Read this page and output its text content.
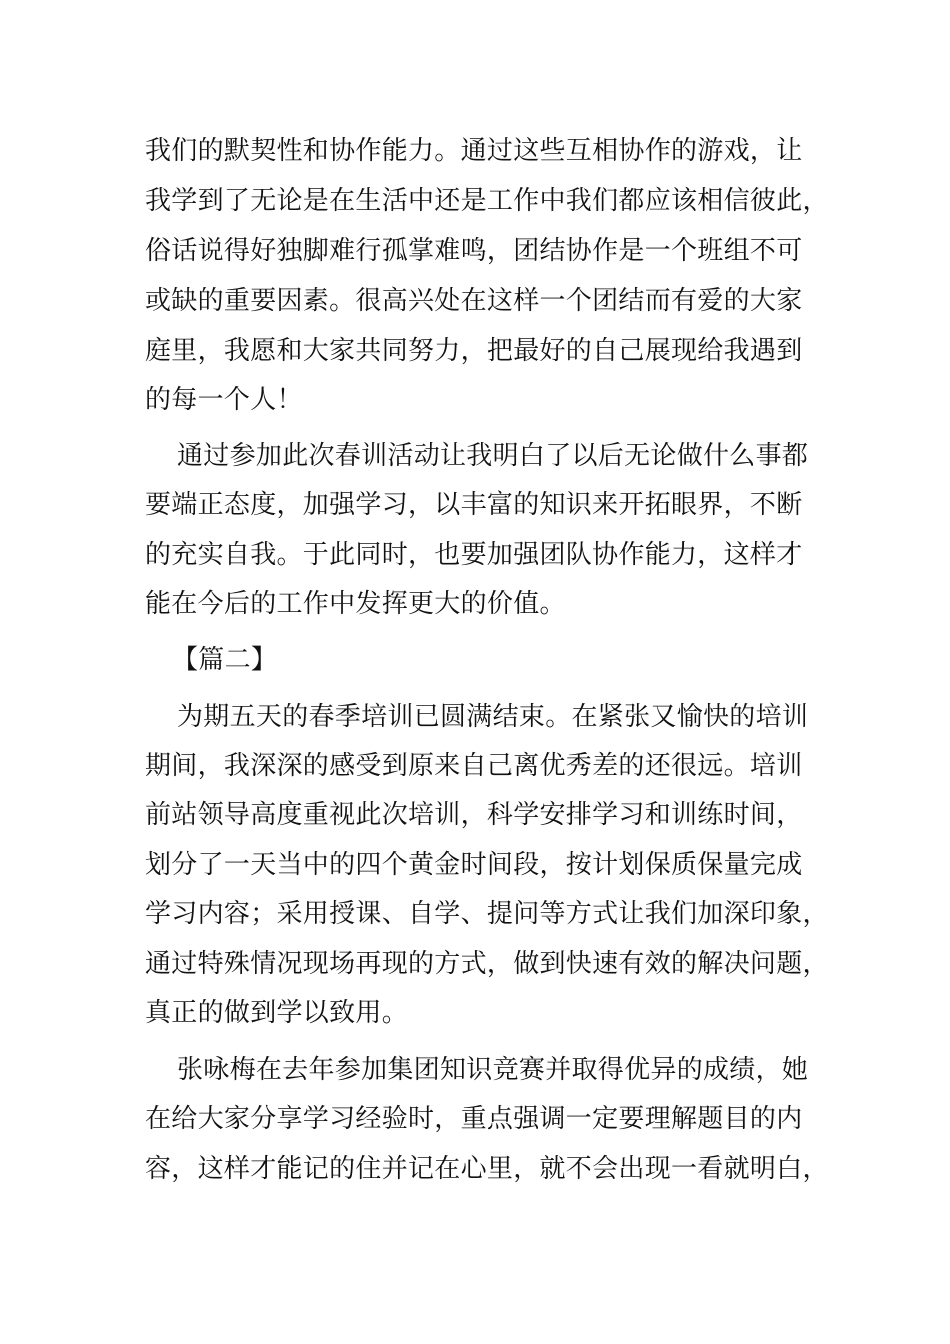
我们的默契性和协作能力。通过这些互相协作的游戏，让
我学到了无论是在生活中还是工作中我们都应该相信彼此，
俗话说得好独脚难行孤掌难鸣，团结协作是一个班组不可
或缺的重要因素。很高兴处在这样一个团结而有爱的大家
庭里，我愿和大家共同努力，把最好的自己展现给我遇到
的每一个人！
通过参加此次春训活动让我明白了以后无论做什么事都
要端正态度，加强学习，以丰富的知识来开拓眼界，不断
的充实自我。于此同时，也要加强团队协作能力，这样才
能在今后的工作中发挥更大的价值。
【篇二】
为期五天的春季培训已圆满结束。在紧张又愉快的培训
期间，我深深的感受到原来自己离优秀差的还很远。培训
前站领导高度重视此次培训，科学安排学习和训练时间，
划分了一天当中的四个黄金时间段，按计划保质保量完成
学习内容；采用授课、自学、提问等方式让我们加深印象，
通过特殊情况现场再现的方式，做到快速有效的解决问题，
真正的做到学以致用。
张咏梅在去年参加集团知识竞赛并取得优异的成绩，她
在给大家分享学习经验时，重点强调一定要理解题目的内
容，这样才能记的住并记在心里，就不会出现一看就明白，
